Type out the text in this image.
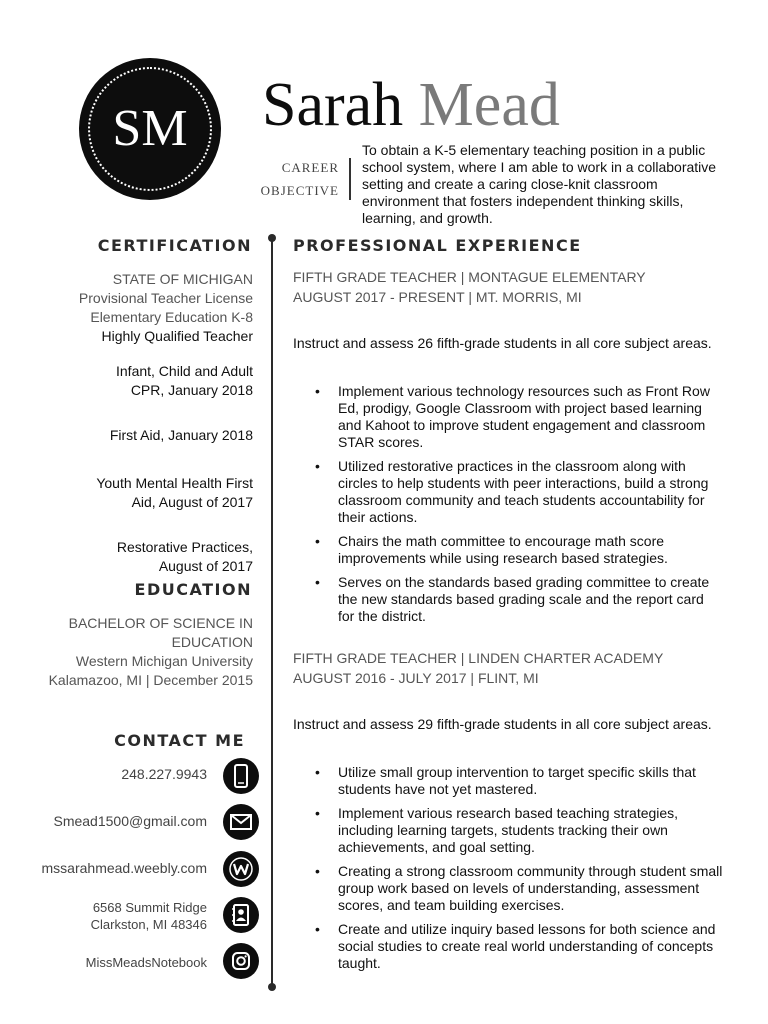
SM	Sarah Mead
CAREER
OBJECTIVE
To obtain a K-5 elementary teaching position in a public school system, where I am able to work in a collaborative setting and create a caring close-knit classroom environment that fosters independent thinking skills, learning, and growth.
CERTIFICATION
STATE OF MICHIGAN
Provisional Teacher License
Elementary Education K-8
Highly Qualified Teacher
Infant, Child and Adult
CPR, January 2018
First Aid, January 2018
Youth Mental Health First
Aid, August of 2017
Restorative Practices,
August of 2017
EDUCATION
BACHELOR OF SCIENCE IN
EDUCATION
Western Michigan University
Kalamazoo, MI | December 2015
CONTACT ME
248.227.9943
Smead1500@gmail.com
mssarahmead.weebly.com
6568 Summit Ridge
Clarkston, MI 48346
MissMeadsNotebook
PROFESSIONAL EXPERIENCE
FIFTH GRADE TEACHER | MONTAGUE ELEMENTARY
AUGUST 2017 - PRESENT | MT. MORRIS, MI
Instruct and assess 26 fifth-grade students in all core subject areas.
• Implement various technology resources such as Front Row Ed, prodigy, Google Classroom with project based learning and Kahoot to improve student engagement and classroom STAR scores.
• Utilized restorative practices in the classroom along with circles to help students with peer interactions, build a strong classroom community and teach students accountability for their actions.
• Chairs the math committee to encourage math score improvements while using research based strategies.
• Serves on the standards based grading committee to create the new standards based grading scale and the report card for the district.
FIFTH GRADE TEACHER | LINDEN CHARTER ACADEMY
AUGUST 2016 - JULY 2017 | FLINT, MI
Instruct and assess 29 fifth-grade students in all core subject areas.
• Utilize small group intervention to target specific skills that students have not yet mastered.
• Implement various research based teaching strategies, including learning targets, students tracking their own achievements, and goal setting.
• Creating a strong classroom community through student small group work based on levels of understanding, assessment scores, and team building exercises.
• Create and utilize inquiry based lessons for both science and social studies to create real world understanding of concepts taught.
